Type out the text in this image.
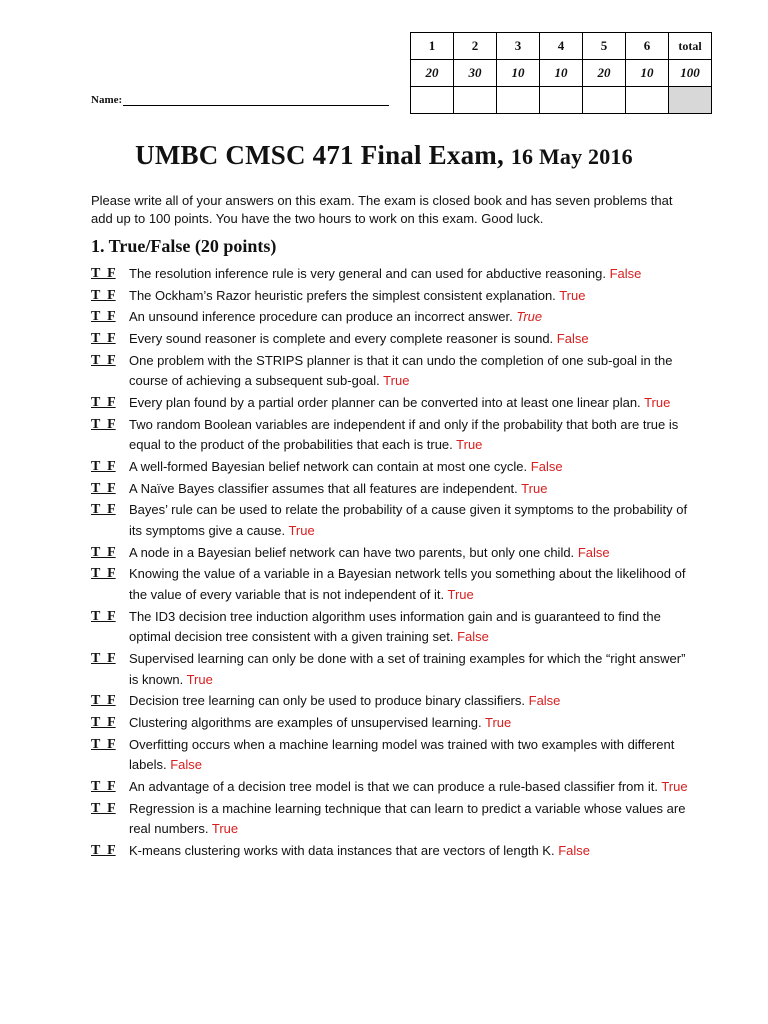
1	2	3	4	5	6	total
20	30	10	10	20	10	100

Name:
UMBC CMSC 471 Final Exam, 16 May 2016
Please write all of your answers on this exam. The exam is closed book and has seven problems that add up to 100 points. You have the two hours to work on this exam. Good luck.
1. True/False (20 points)
T  F	The resolution inference rule is very general and can used for abductive reasoning. False
T  F	The Ockham’s Razor heuristic prefers the simplest consistent explanation. True
T  F	An unsound inference procedure can produce an incorrect answer. True
T  F	Every sound reasoner is complete and every complete reasoner is sound. False
T  F	One problem with the STRIPS planner is that it can undo the completion of one sub-goal in the course of achieving a subsequent sub-goal. True
T  F	Every plan found by a partial order planner can be converted into at least one linear plan. True
T  F	Two random Boolean variables are independent if and only if the probability that both are true is equal to the product of the probabilities that each is true. True
T  F	A well-formed Bayesian belief network can contain at most one cycle. False
T  F	A Naïve Bayes classifier assumes that all features are independent. True
T  F	Bayes’ rule can be used to relate the probability of a cause given it symptoms to the probability of its symptoms give a cause. True
T  F	A node in a Bayesian belief network can have two parents, but only one child. False
T  F	Knowing the value of a variable in a Bayesian network tells you something about the likelihood of the value of every variable that is not independent of it. True
T  F	The ID3 decision tree induction algorithm uses information gain and is guaranteed to find the optimal decision tree consistent with a given training set. False
T  F	Supervised learning can only be done with a set of training examples for which the “right answer” is known. True
T  F	Decision tree learning can only be used to produce binary classifiers. False
T  F	Clustering algorithms are examples of unsupervised learning. True
T  F	Overfitting occurs when a machine learning model was trained with two examples with different labels. False
T  F	An advantage of a decision tree model is that we can produce a rule-based classifier from it. True
T  F	Regression is a machine learning technique that can learn to predict a variable whose values are real numbers. True
T  F	K-means clustering works with data instances that are vectors of length K. False
